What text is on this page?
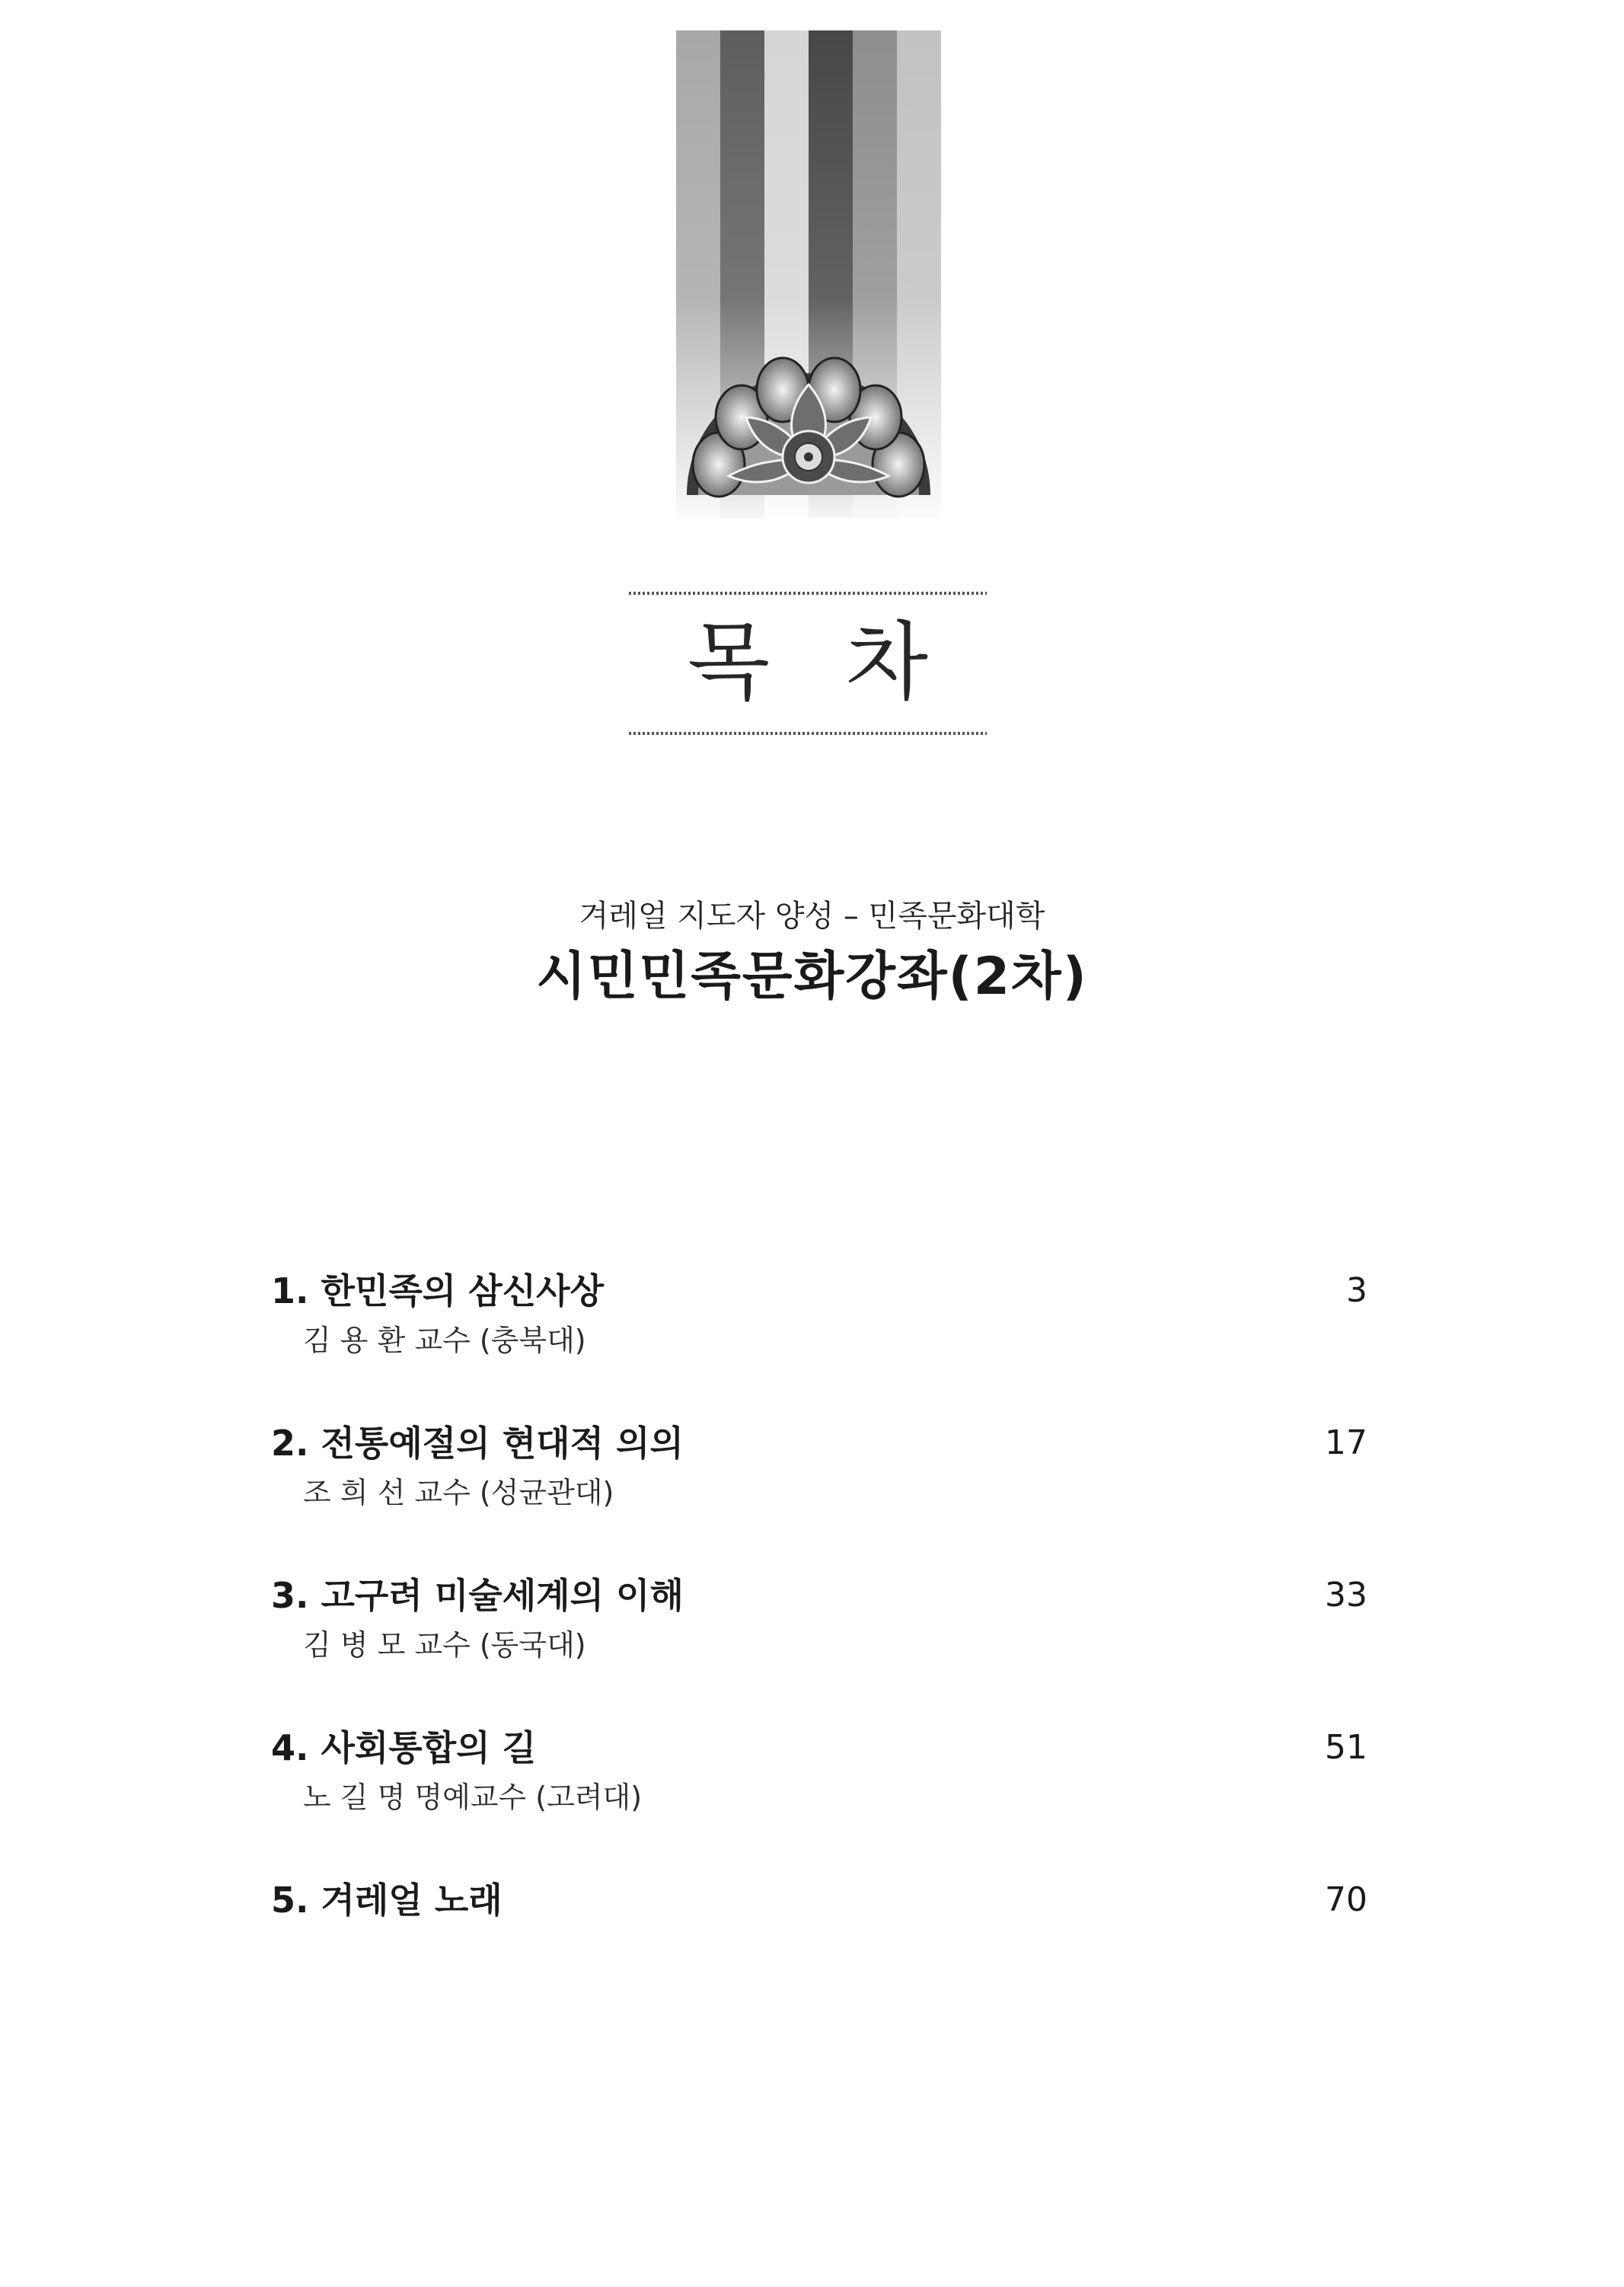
목 차
겨레얼 지도자 양성 – 민족문화대학
시민민족문화강좌(2차)
1. 한민족의 삼신사상	3
김 용 환 교수 (충북대)
2. 전통예절의 현대적 의의	17
조 희 선 교수 (성균관대)
3. 고구려 미술세계의 이해	33
김 병 모 교수 (동국대)
4. 사회통합의 길	51
노 길 명 명예교수 (고려대)
5. 겨레얼 노래	70
